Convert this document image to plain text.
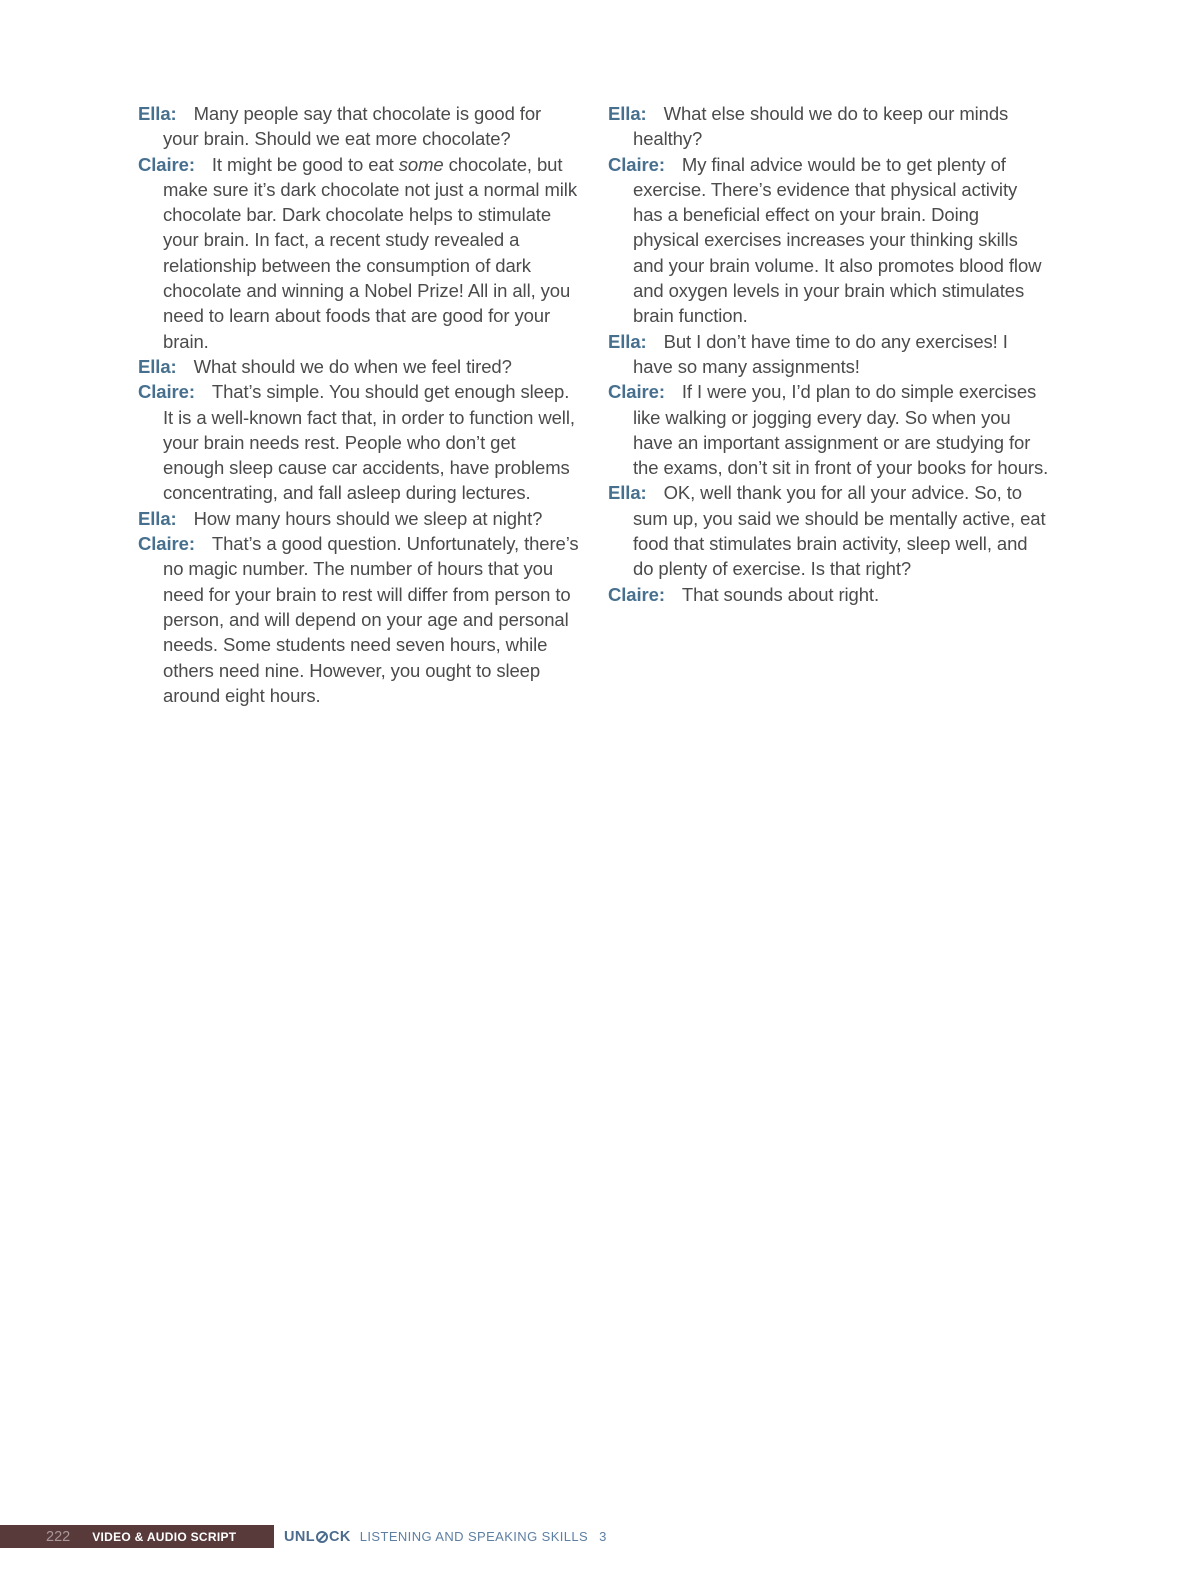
Ella: Many people say that chocolate is good for your brain. Should we eat more chocolate?

Claire: It might be good to eat some chocolate, but make sure it’s dark chocolate not just a normal milk chocolate bar. Dark chocolate helps to stimulate your brain. In fact, a recent study revealed a relationship between the consumption of dark chocolate and winning a Nobel Prize! All in all, you need to learn about foods that are good for your brain.

Ella: What should we do when we feel tired?

Claire: That’s simple. You should get enough sleep. It is a well-known fact that, in order to function well, your brain needs rest. People who don’t get enough sleep cause car accidents, have problems concentrating, and fall asleep during lectures.

Ella: How many hours should we sleep at night?

Claire: That’s a good question. Unfortunately, there’s no magic number. The number of hours that you need for your brain to rest will differ from person to person, and will depend on your age and personal needs. Some students need seven hours, while others need nine. However, you ought to sleep around eight hours.

Ella: What else should we do to keep our minds healthy?

Claire: My final advice would be to get plenty of exercise. There’s evidence that physical activity has a beneficial effect on your brain. Doing physical exercises increases your thinking skills and your brain volume. It also promotes blood flow and oxygen levels in your brain which stimulates brain function.

Ella: But I don’t have time to do any exercises! I have so many assignments!

Claire: If I were you, I’d plan to do simple exercises like walking or jogging every day. So when you have an important assignment or are studying for the exams, don’t sit in front of your books for hours.

Ella: OK, well thank you for all your advice. So, to sum up, you said we should be mentally active, eat food that stimulates brain activity, sleep well, and do plenty of exercise. Is that right?

Claire: That sounds about right.

222 VIDEO & AUDIO SCRIPT	UNL CK LISTENING AND SPEAKING SKILLS 3
